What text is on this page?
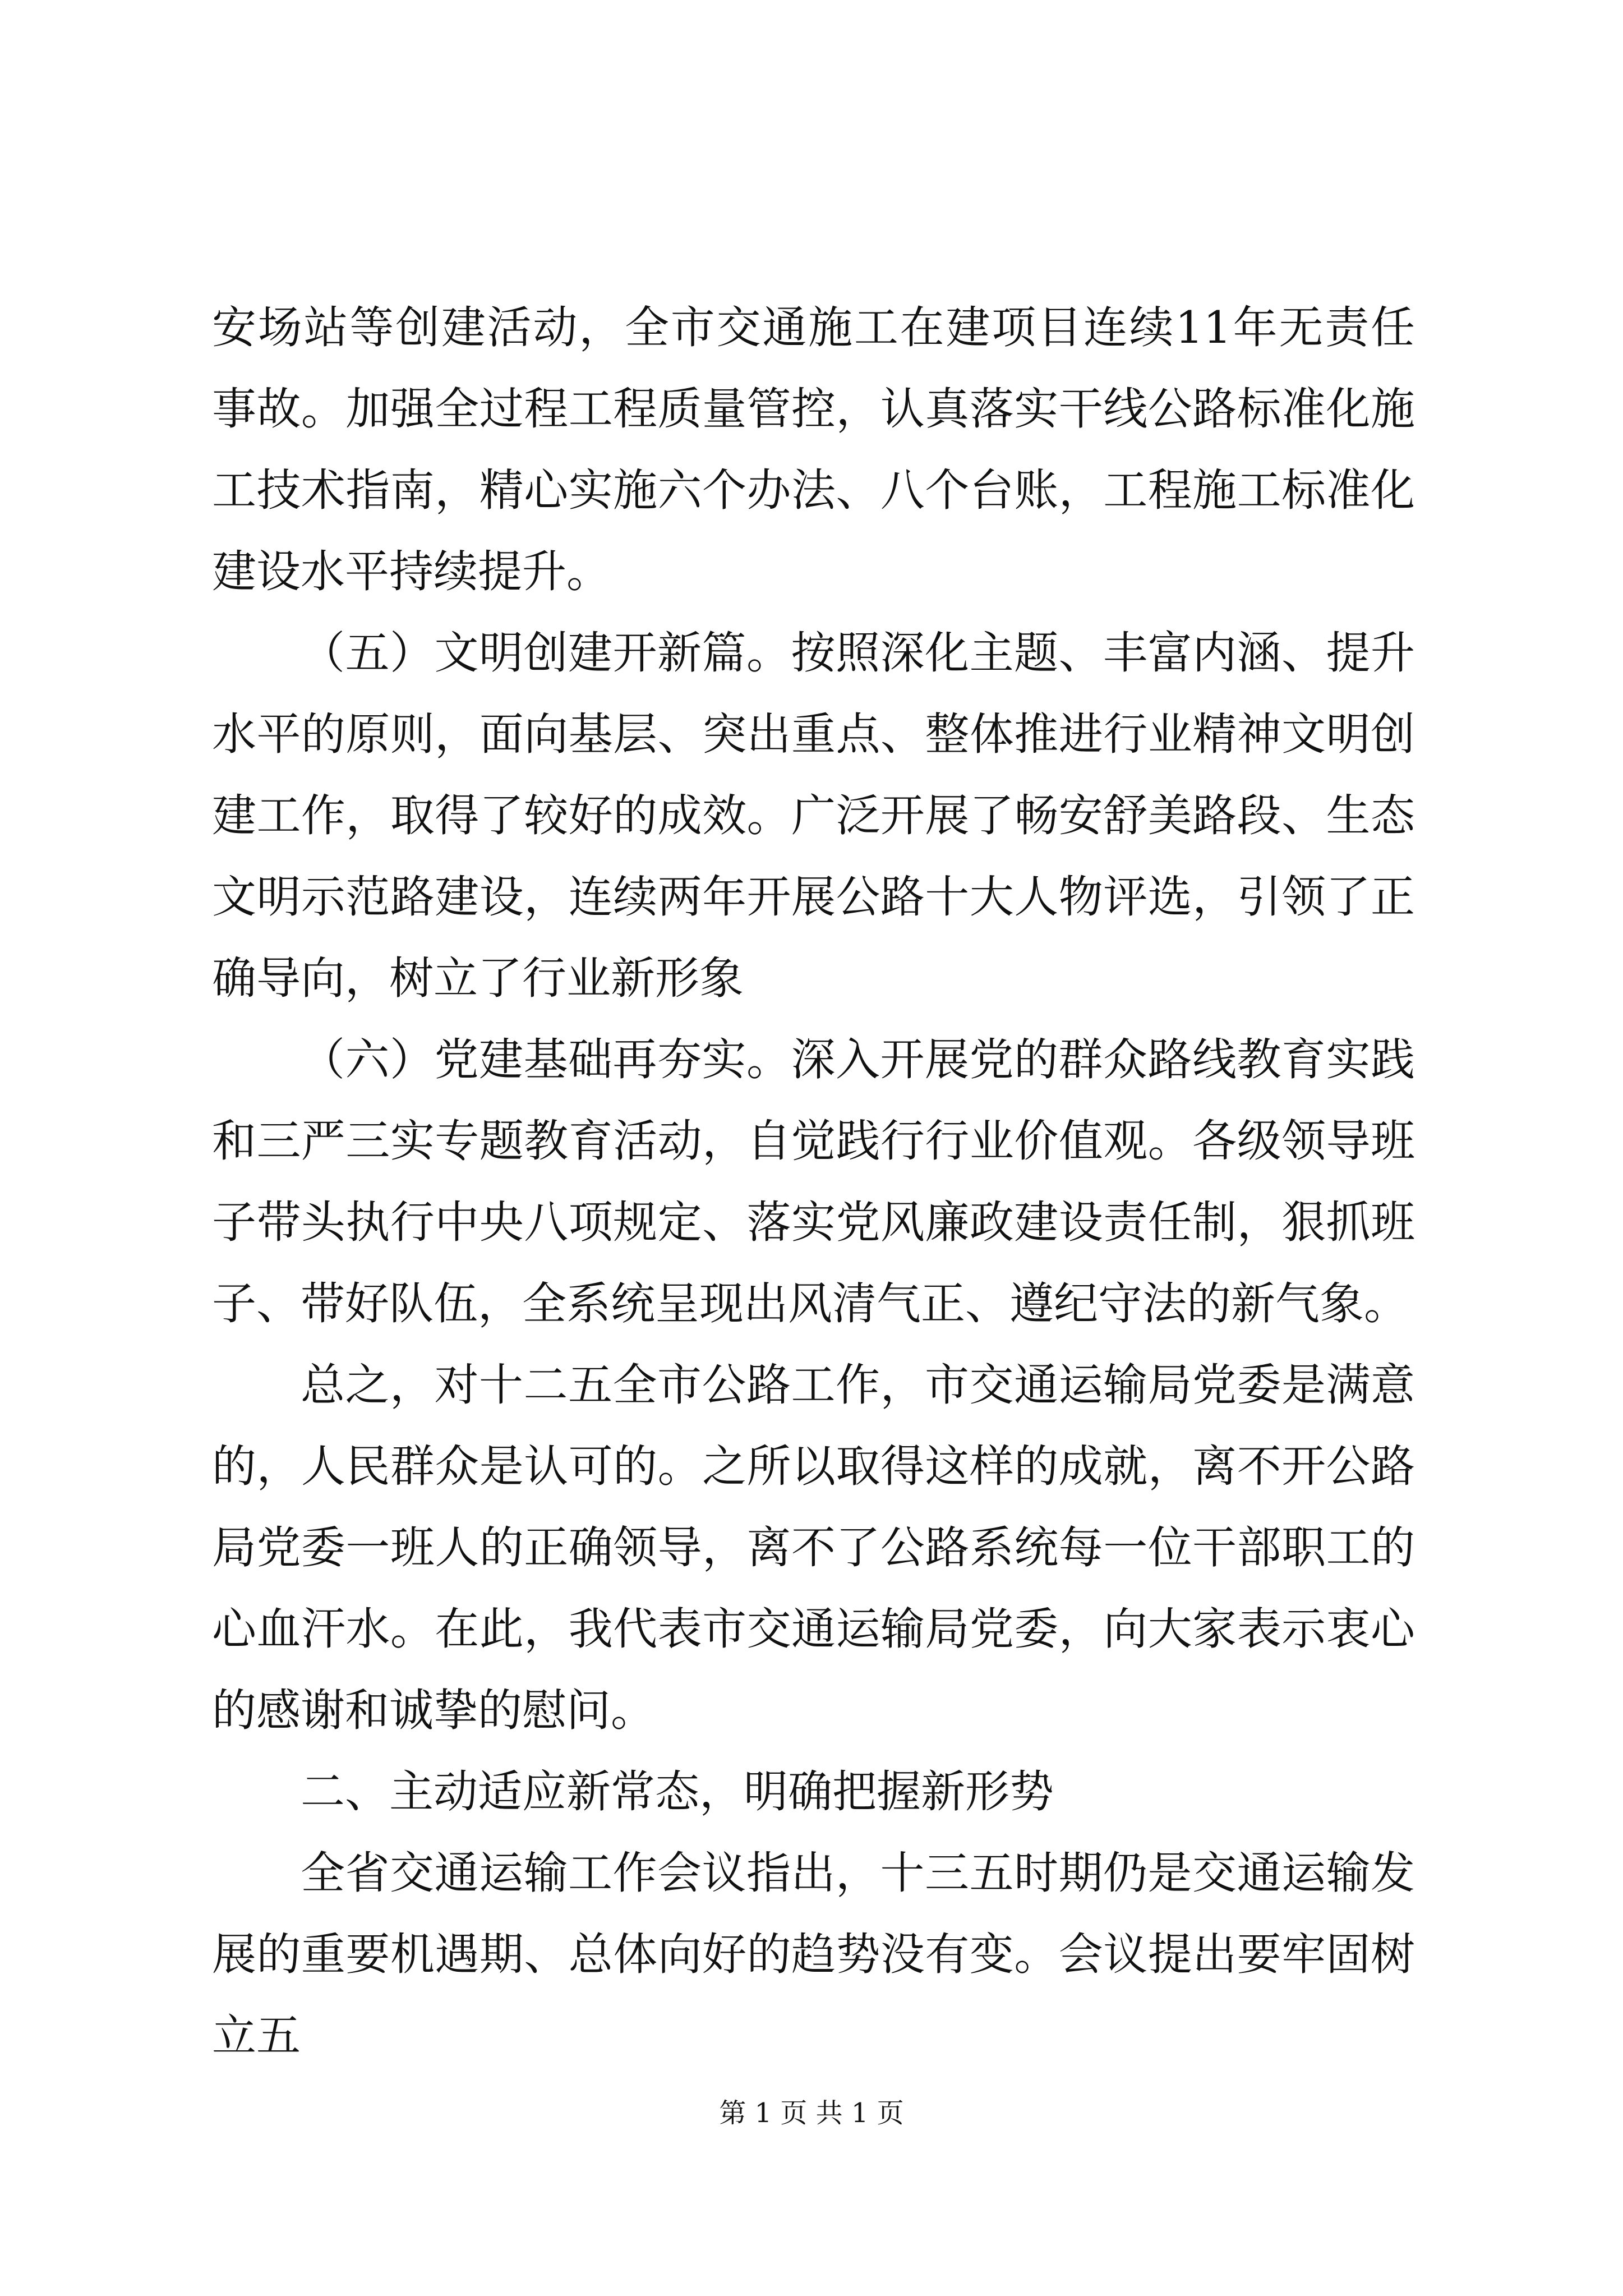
安场站等创建活动，全市交通施工在建项目连续11年无责任事故。加强全过程工程质量管控，认真落实干线公路标准化施工技术指南，精心实施六个办法、八个台账，工程施工标准化建设水平持续提升。

（五）文明创建开新篇。按照深化主题、丰富内涵、提升水平的原则，面向基层、突出重点、整体推进行业精神文明创建工作，取得了较好的成效。广泛开展了畅安舒美路段、生态文明示范路建设，连续两年开展公路十大人物评选，引领了正确导向，树立了行业新形象

（六）党建基础再夯实。深入开展党的群众路线教育实践和三严三实专题教育活动，自觉践行行业价值观。各级领导班子带头执行中央八项规定、落实党风廉政建设责任制，狠抓班子、带好队伍，全系统呈现出风清气正、遵纪守法的新气象。

总之，对十二五全市公路工作，市交通运输局党委是满意的，人民群众是认可的。之所以取得这样的成就，离不开公路局党委一班人的正确领导，离不了公路系统每一位干部职工的心血汗水。在此，我代表市交通运输局党委，向大家表示衷心的感谢和诚挚的慰问。

二、主动适应新常态，明确把握新形势

全省交通运输工作会议指出，十三五时期仍是交通运输发展的重要机遇期、总体向好的趋势没有变。会议提出要牢固树立五

第 1 页 共 1 页
